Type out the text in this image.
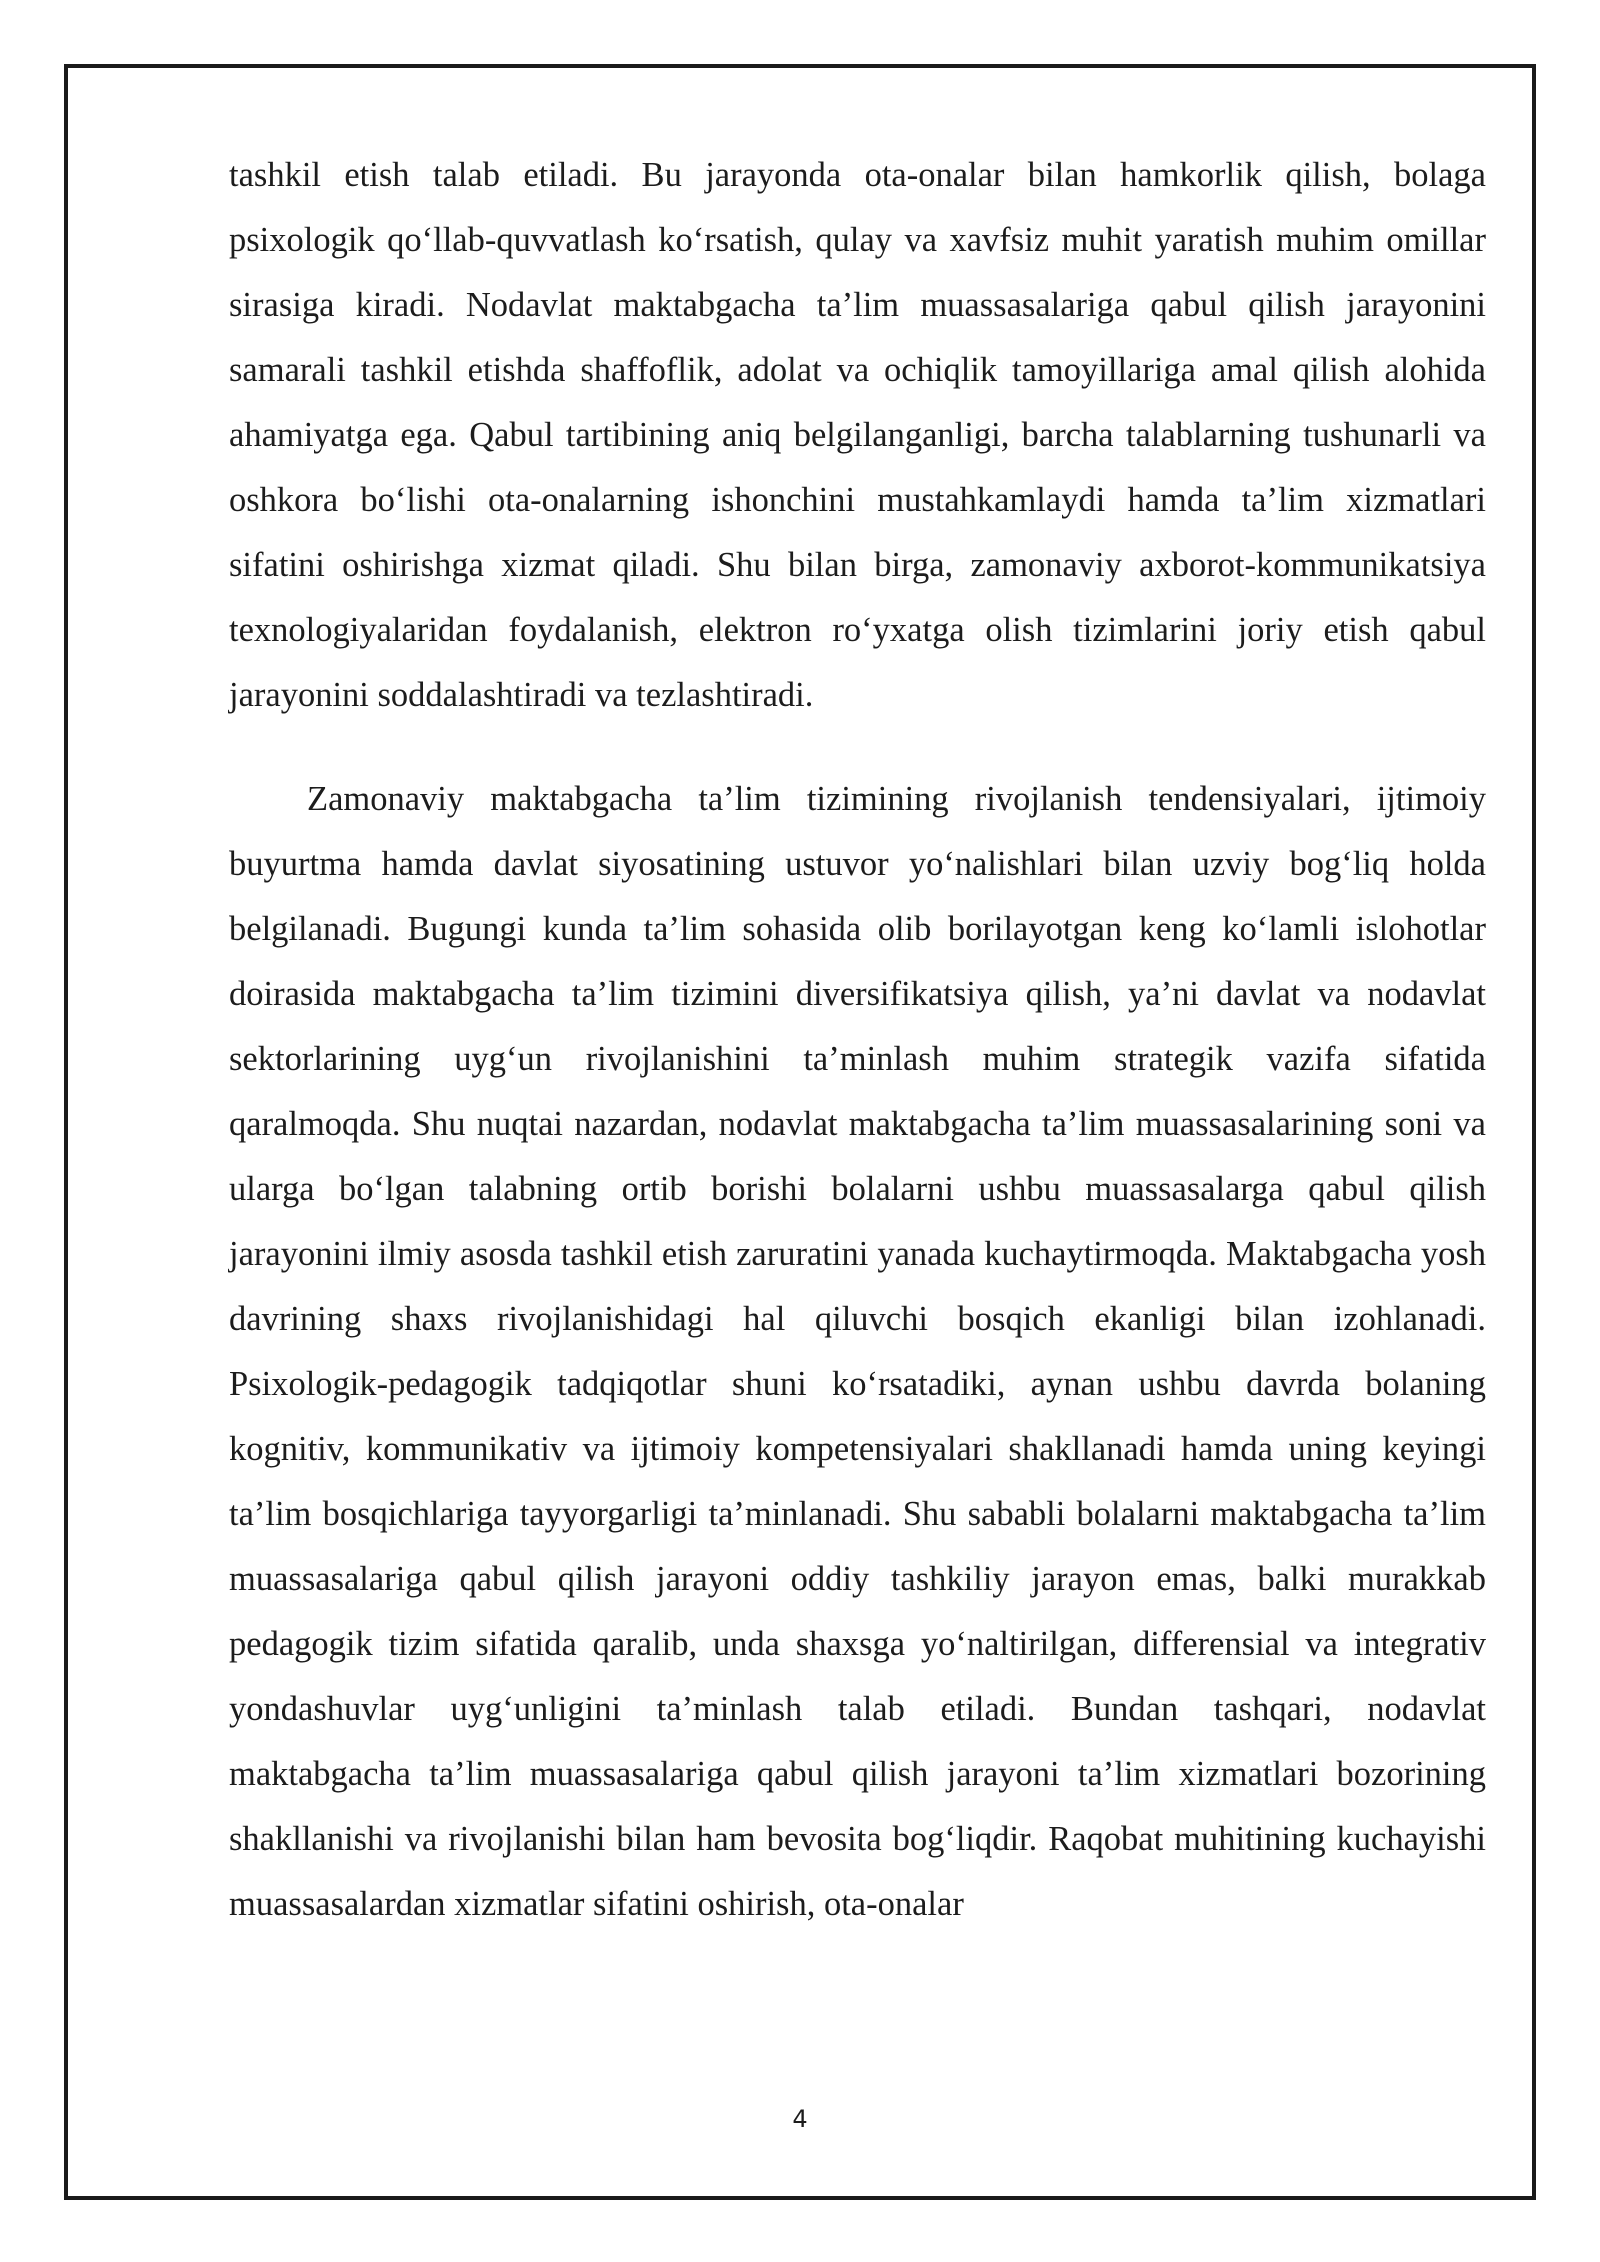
tashkil etish talab etiladi. Bu jarayonda ota-onalar bilan hamkorlik qilish, bolaga psixologik qo‘llab-quvvatlash ko‘rsatish, qulay va xavfsiz muhit yaratish muhim omillar sirasiga kiradi. Nodavlat maktabgacha ta’lim muassasalariga qabul qilish jarayonini samarali tashkil etishda shaffoflik, adolat va ochiqlik tamoyillariga amal qilish alohida ahamiyatga ega. Qabul tartibining aniq belgilanganligi, barcha talablarning tushunarli va oshkora bo‘lishi ota-onalarning ishonchini mustahkamlaydi hamda ta’lim xizmatlari sifatini oshirishga xizmat qiladi. Shu bilan birga, zamonaviy axborot-kommunikatsiya texnologiyalaridan foydalanish, elektron ro‘yxatga olish tizimlarini joriy etish qabul jarayonini soddalashtiradi va tezlashtiradi.

Zamonaviy maktabgacha ta’lim tizimining rivojlanish tendensiyalari, ijtimoiy buyurtma hamda davlat siyosatining ustuvor yo‘nalishlari bilan uzviy bog‘liq holda belgilanadi. Bugungi kunda ta’lim sohasida olib borilayotgan keng ko‘lamli islohotlar doirasida maktabgacha ta’lim tizimini diversifikatsiya qilish, ya’ni davlat va nodavlat sektorlarining uyg‘un rivojlanishini ta’minlash muhim strategik vazifa sifatida qaralmoqda. Shu nuqtai nazardan, nodavlat maktabgacha ta’lim muassasalarining soni va ularga bo‘lgan talabning ortib borishi bolalarni ushbu muassasalarga qabul qilish jarayonini ilmiy asosda tashkil etish zaruratini yanada kuchaytirmoqda. Maktabgacha yosh davrining shaxs rivojlanishidagi hal qiluvchi bosqich ekanligi bilan izohlanadi. Psixologik-pedagogik tadqiqotlar shuni ko‘rsatadiki, aynan ushbu davrda bolaning kognitiv, kommunikativ va ijtimoiy kompetensiyalari shakllanadi hamda uning keyingi ta’lim bosqichlariga tayyorgarligi ta’minlanadi. Shu sababli bolalarni maktabgacha ta’lim muassasalariga qabul qilish jarayoni oddiy tashkiliy jarayon emas, balki murakkab pedagogik tizim sifatida qaralib, unda shaxsga yo‘naltirilgan, differensial va integrativ yondashuvlar uyg‘unligini ta’minlash talab etiladi. Bundan tashqari, nodavlat maktabgacha ta’lim muassasalariga qabul qilish jarayoni ta’lim xizmatlari bozorining shakllanishi va rivojlanishi bilan ham bevosita bog‘liqdir. Raqobat muhitining kuchayishi muassasalardan xizmatlar sifatini oshirish, ota-onalar

4
